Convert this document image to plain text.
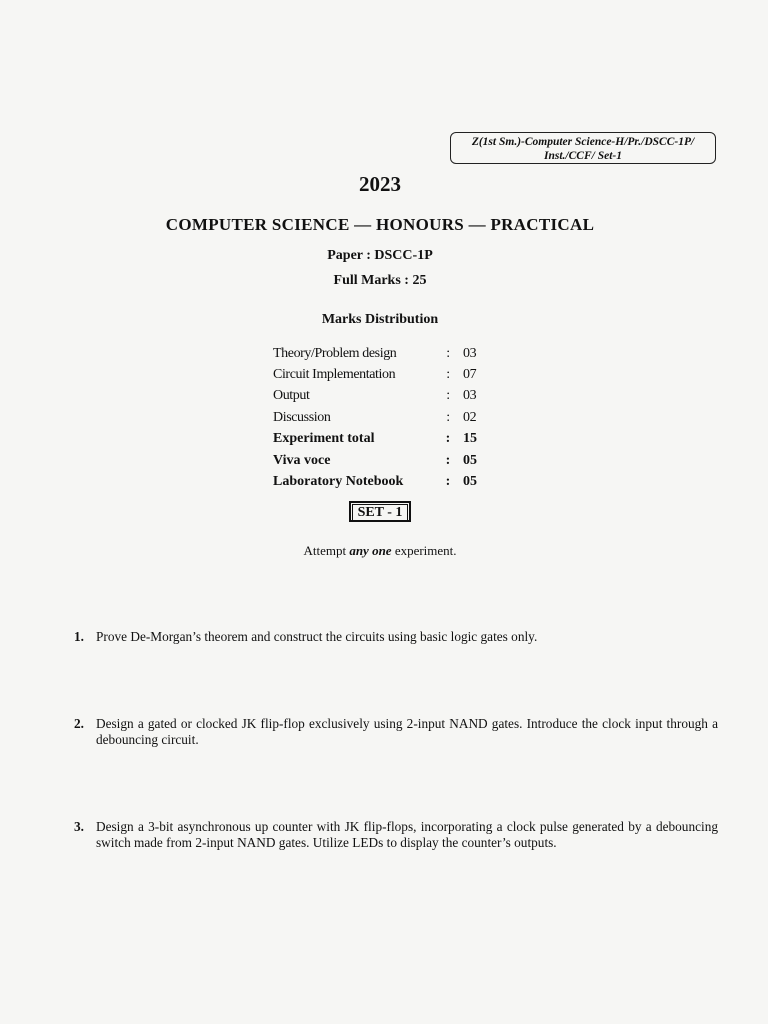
Z(1st Sm.)-Computer Science-H/Pr./DSCC-1P/
Inst./CCF/ Set-1
2023
COMPUTER SCIENCE — HONOURS — PRACTICAL
Paper : DSCC-1P
Full Marks : 25
Marks Distribution
Theory/Problem design	:	03
Circuit Implementation	:	07
Output	:	03
Discussion	:	02
Experiment total	:	15
Viva voce	:	05
Laboratory Notebook	:	05
SET - 1
Attempt any one experiment.
1. Prove De-Morgan’s theorem and construct the circuits using basic logic gates only.
2. Design a gated or clocked JK flip-flop exclusively using 2-input NAND gates. Introduce the clock input through a debouncing circuit.
3. Design a 3-bit asynchronous up counter with JK flip-flops, incorporating a clock pulse generated by a debouncing switch made from 2-input NAND gates. Utilize LEDs to display the counter’s outputs.
